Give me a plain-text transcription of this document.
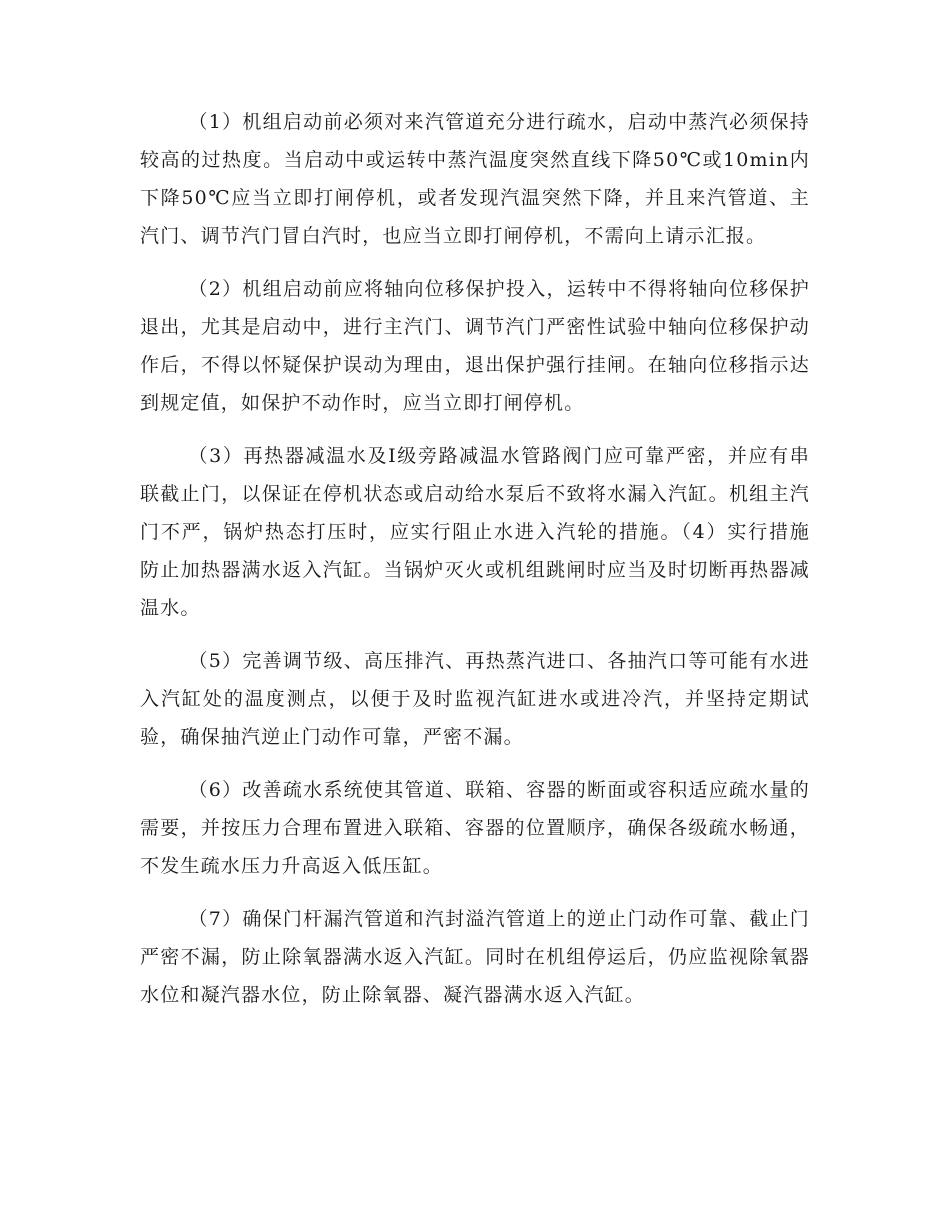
（1）机组启动前必须对来汽管道充分进行疏水，启动中蒸汽必须保持较高的过热度。当启动中或运转中蒸汽温度突然直线下降50℃或10min内下降50℃应当立即打闸停机，或者发现汽温突然下降，并且来汽管道、主汽门、调节汽门冒白汽时，也应当立即打闸停机，不需向上请示汇报。

（2）机组启动前应将轴向位移保护投入，运转中不得将轴向位移保护退出，尤其是启动中，进行主汽门、调节汽门严密性试验中轴向位移保护动作后，不得以怀疑保护误动为理由，退出保护强行挂闸。在轴向位移指示达到规定值，如保护不动作时，应当立即打闸停机。

（3）再热器减温水及Ⅰ级旁路减温水管路阀门应可靠严密，并应有串联截止门，以保证在停机状态或启动给水泵后不致将水漏入汽缸。机组主汽门不严，锅炉热态打压时，应实行阻止水进入汽轮的措施。（4）实行措施防止加热器满水返入汽缸。当锅炉灭火或机组跳闸时应当及时切断再热器减温水。

（5）完善调节级、高压排汽、再热蒸汽进口、各抽汽口等可能有水进入汽缸处的温度测点，以便于及时监视汽缸进水或进冷汽，并坚持定期试验，确保抽汽逆止门动作可靠，严密不漏。

（6）改善疏水系统使其管道、联箱、容器的断面或容积适应疏水量的需要，并按压力合理布置进入联箱、容器的位置顺序，确保各级疏水畅通，不发生疏水压力升高返入低压缸。

（7）确保门杆漏汽管道和汽封溢汽管道上的逆止门动作可靠、截止门严密不漏，防止除氧器满水返入汽缸。同时在机组停运后，仍应监视除氧器水位和凝汽器水位，防止除氧器、凝汽器满水返入汽缸。
